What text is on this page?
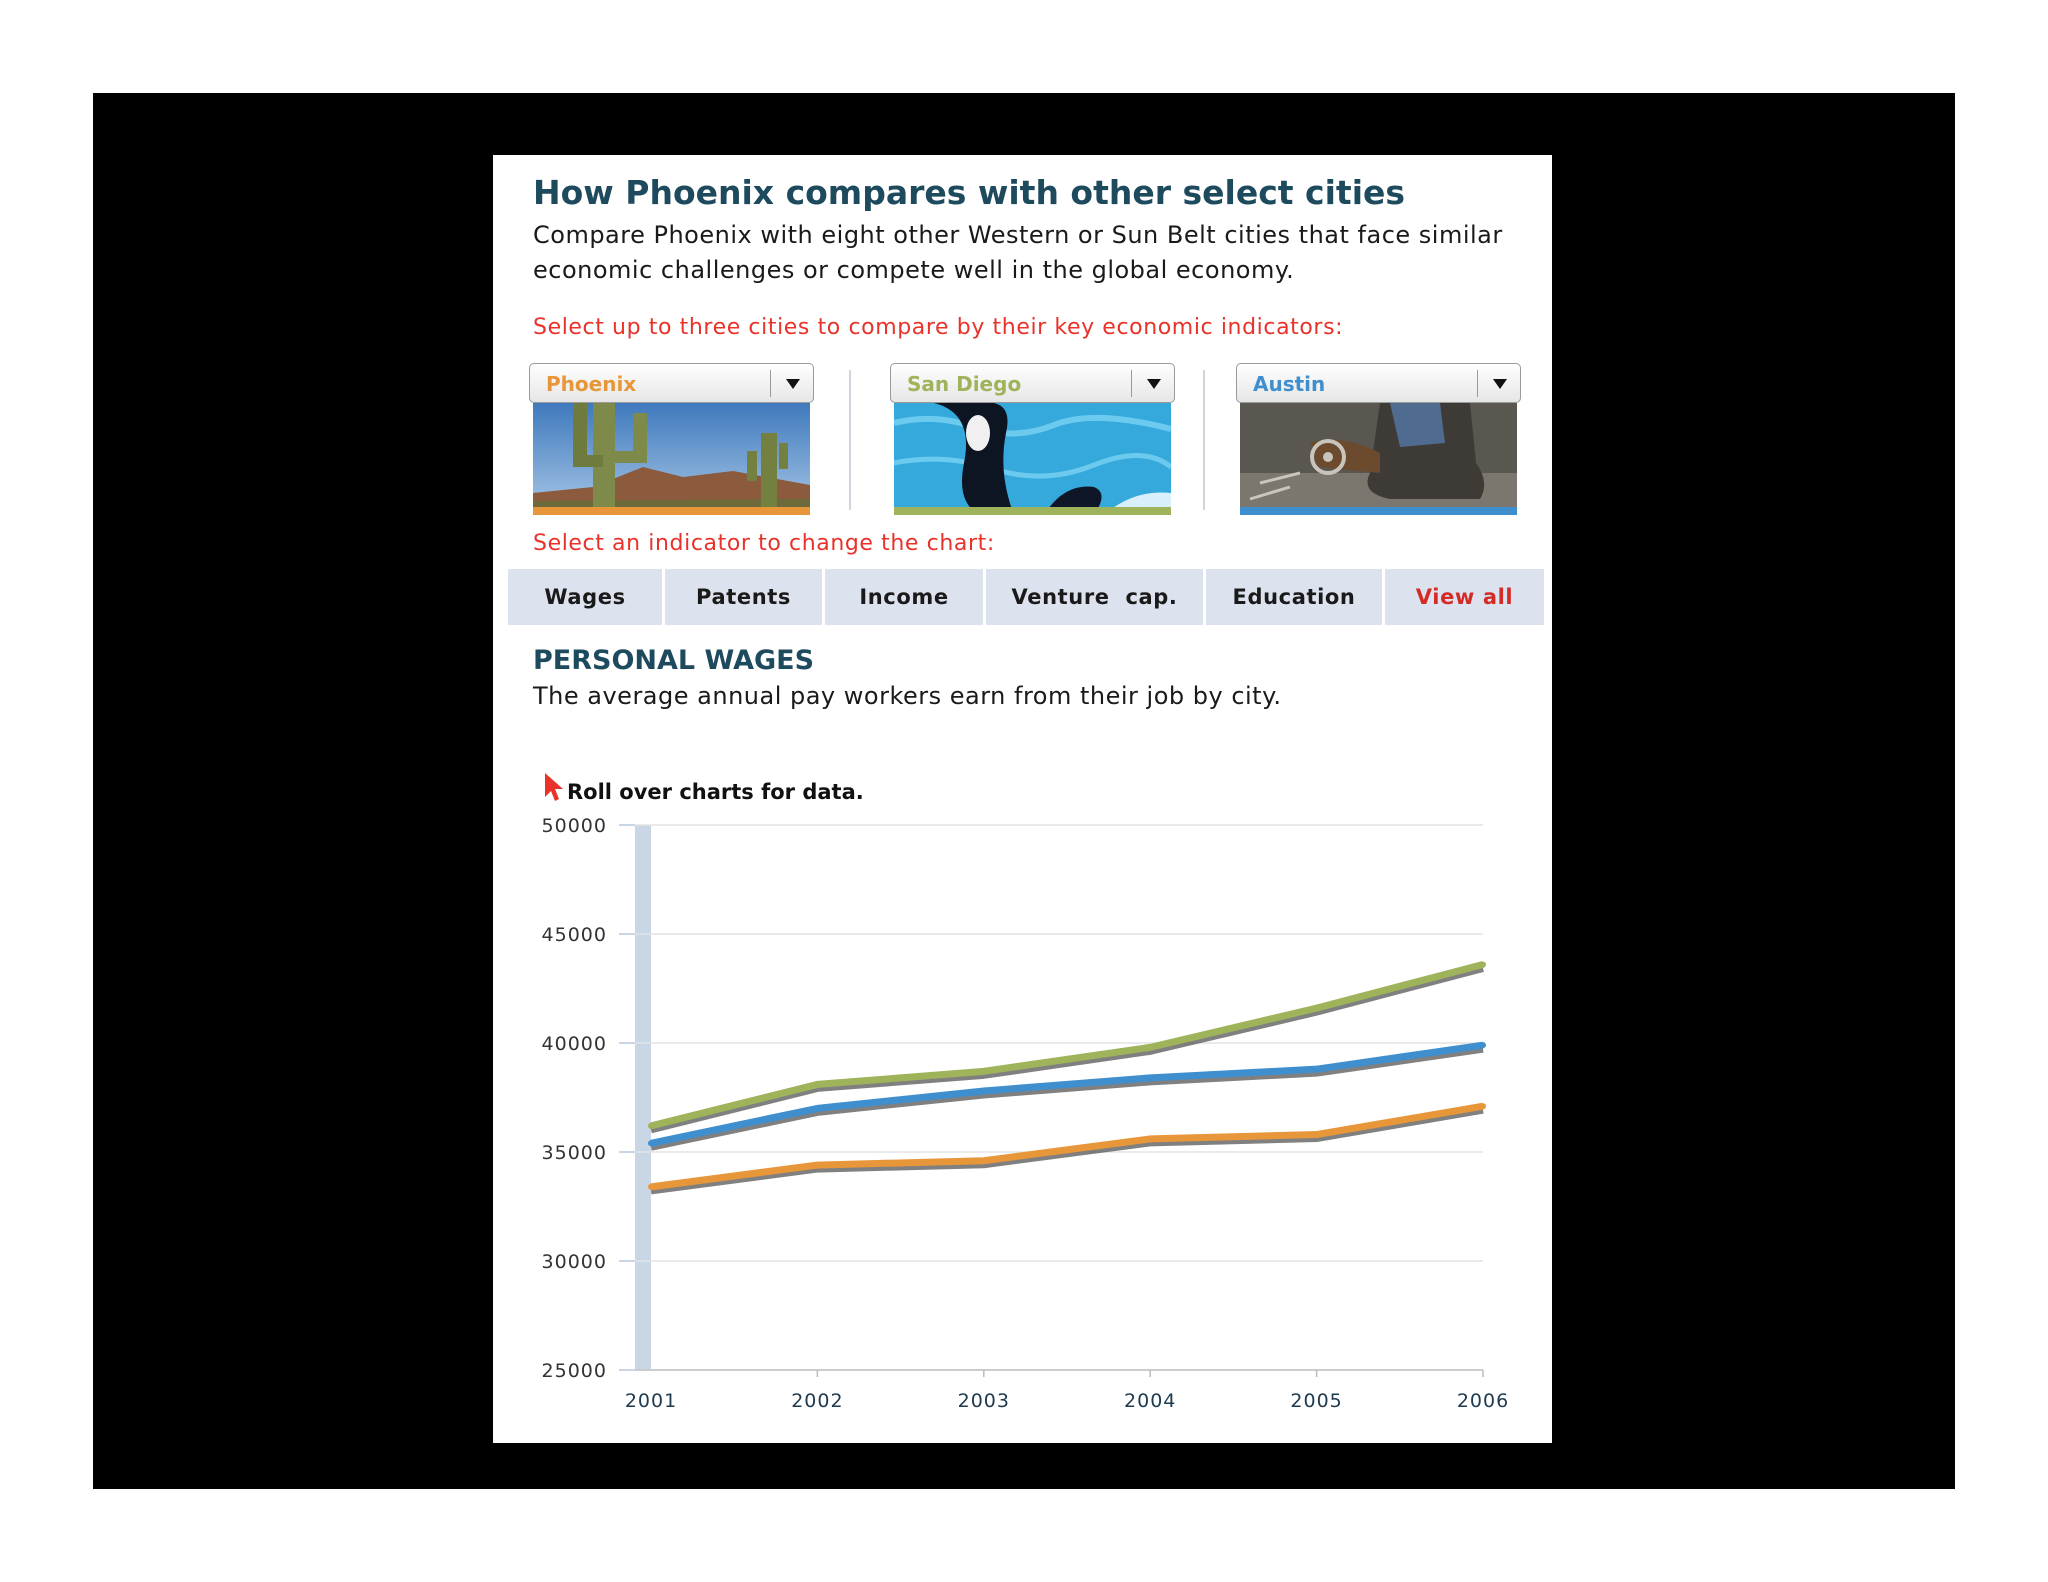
How Phoenix compares with other select cities
Compare Phoenix with eight other Western or Sun Belt cities that face similar economic challenges or compete well in the global economy.
Select up to three cities to compare by their key economic indicators:
Phoenix	San Diego	Austin
Select an indicator to change the chart:
Wages	Patents	Income	Venture  cap.	Education	View all
PERSONAL WAGES
The average annual pay workers earn from their job by city.
Roll over charts for data.
50000
45000
40000
35000
30000
25000
2001	2002	2003	2004	2005	2006
